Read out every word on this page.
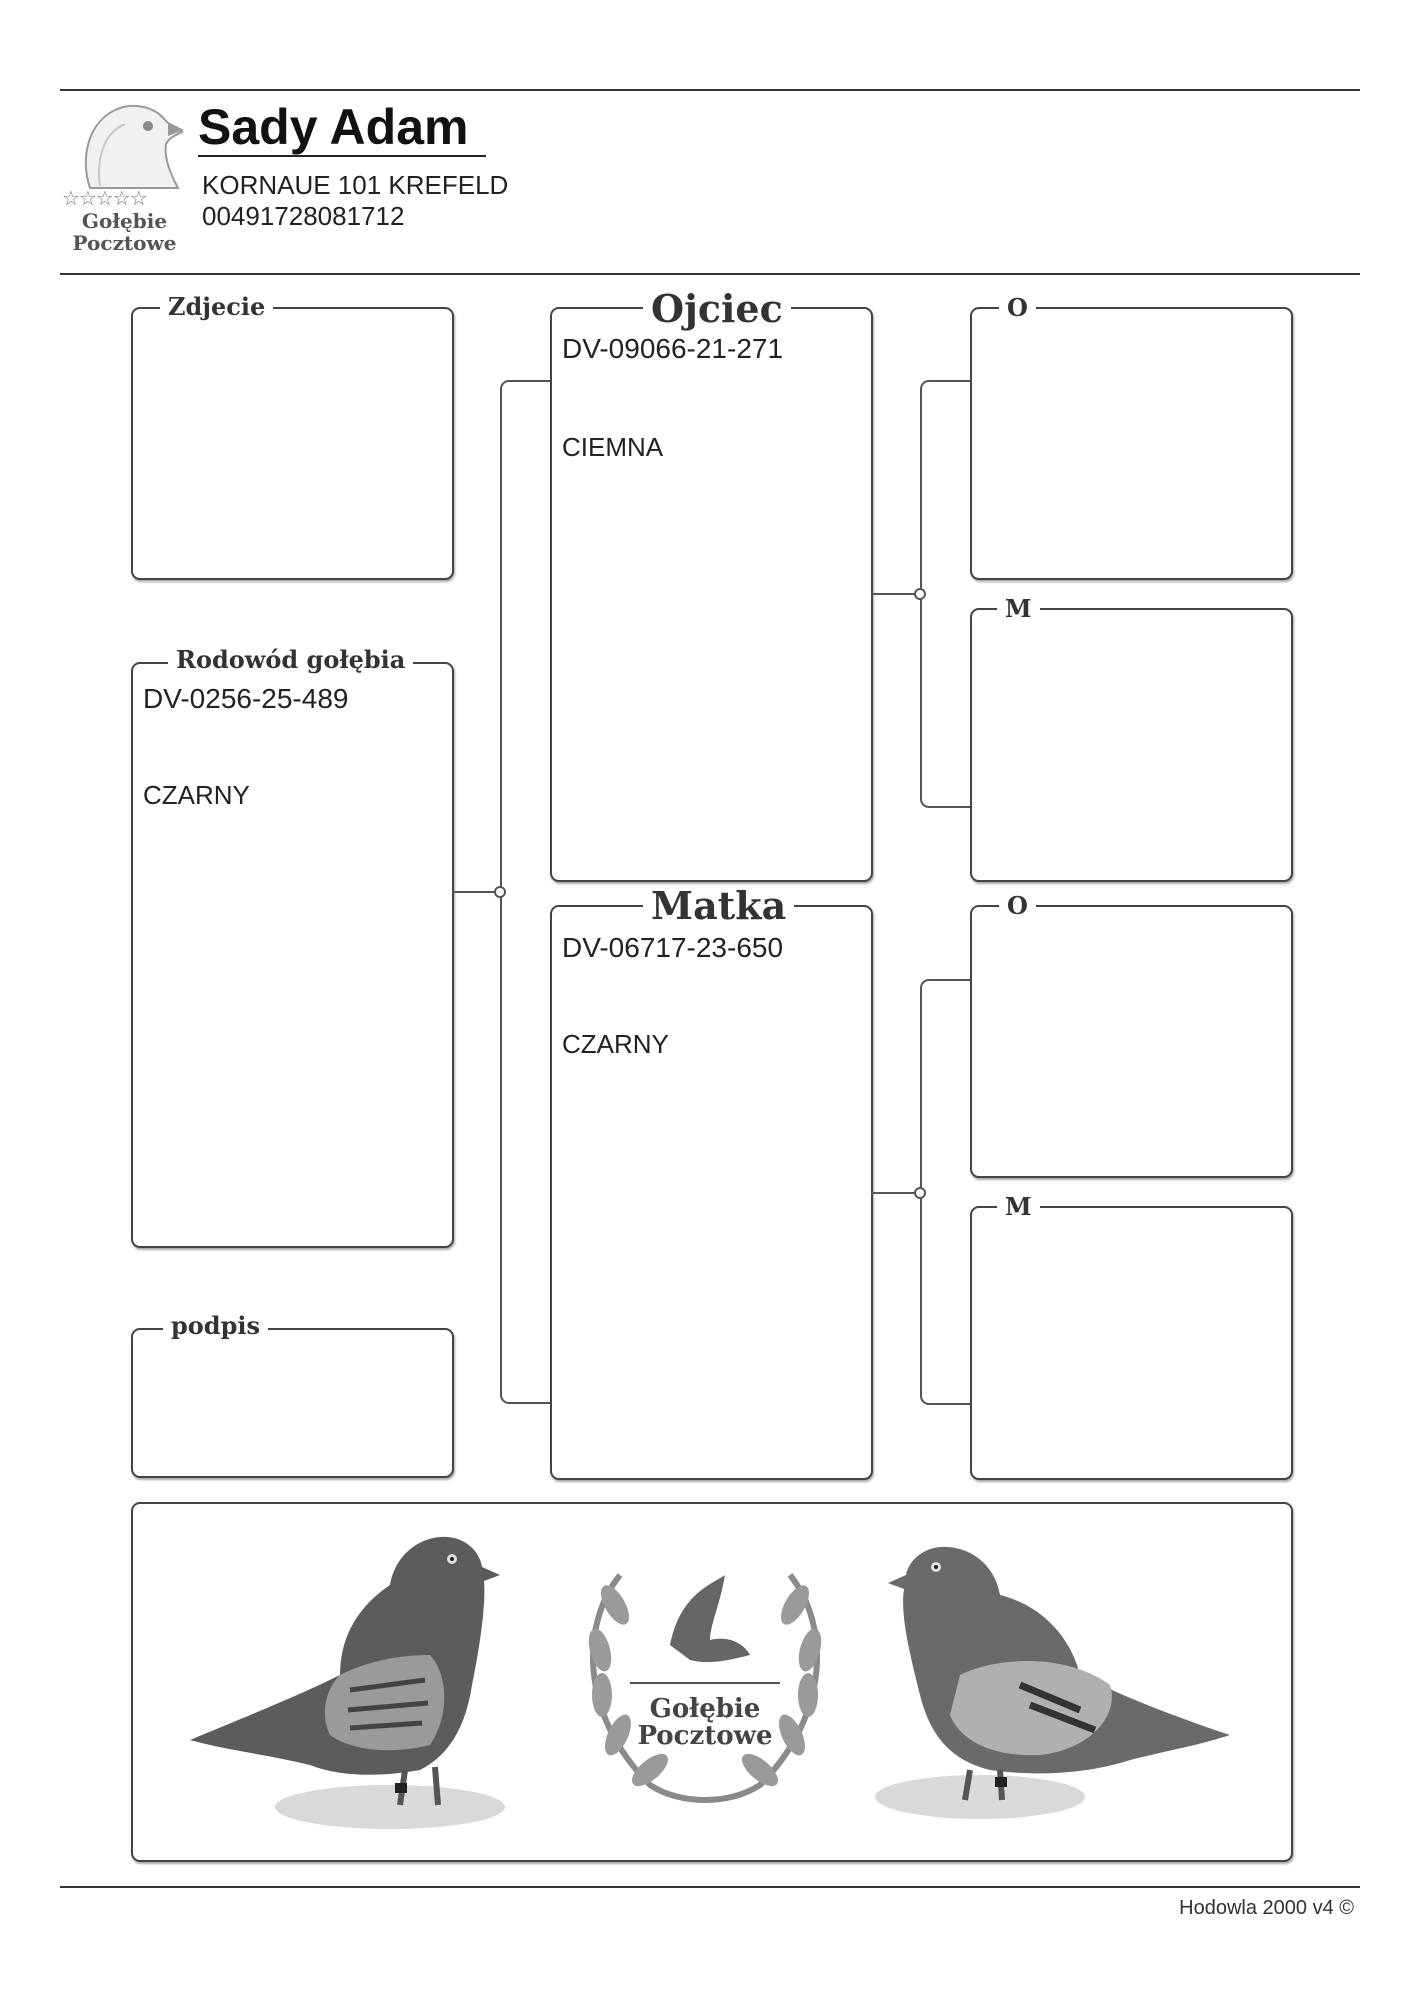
☆☆☆☆☆
Gołębie
Pocztowe
Sady Adam
KORNAUE 101 KREFELD
00491728081712
Zdjecie
Rodowód gołębia
DV-0256-25-489
CZARNY
podpis
Ojciec
DV-09066-21-271
CIEMNA
Matka
DV-06717-23-650
CZARNY
O
M
O
M
Gołębie
Pocztowe
Hodowla 2000 v4 ©
